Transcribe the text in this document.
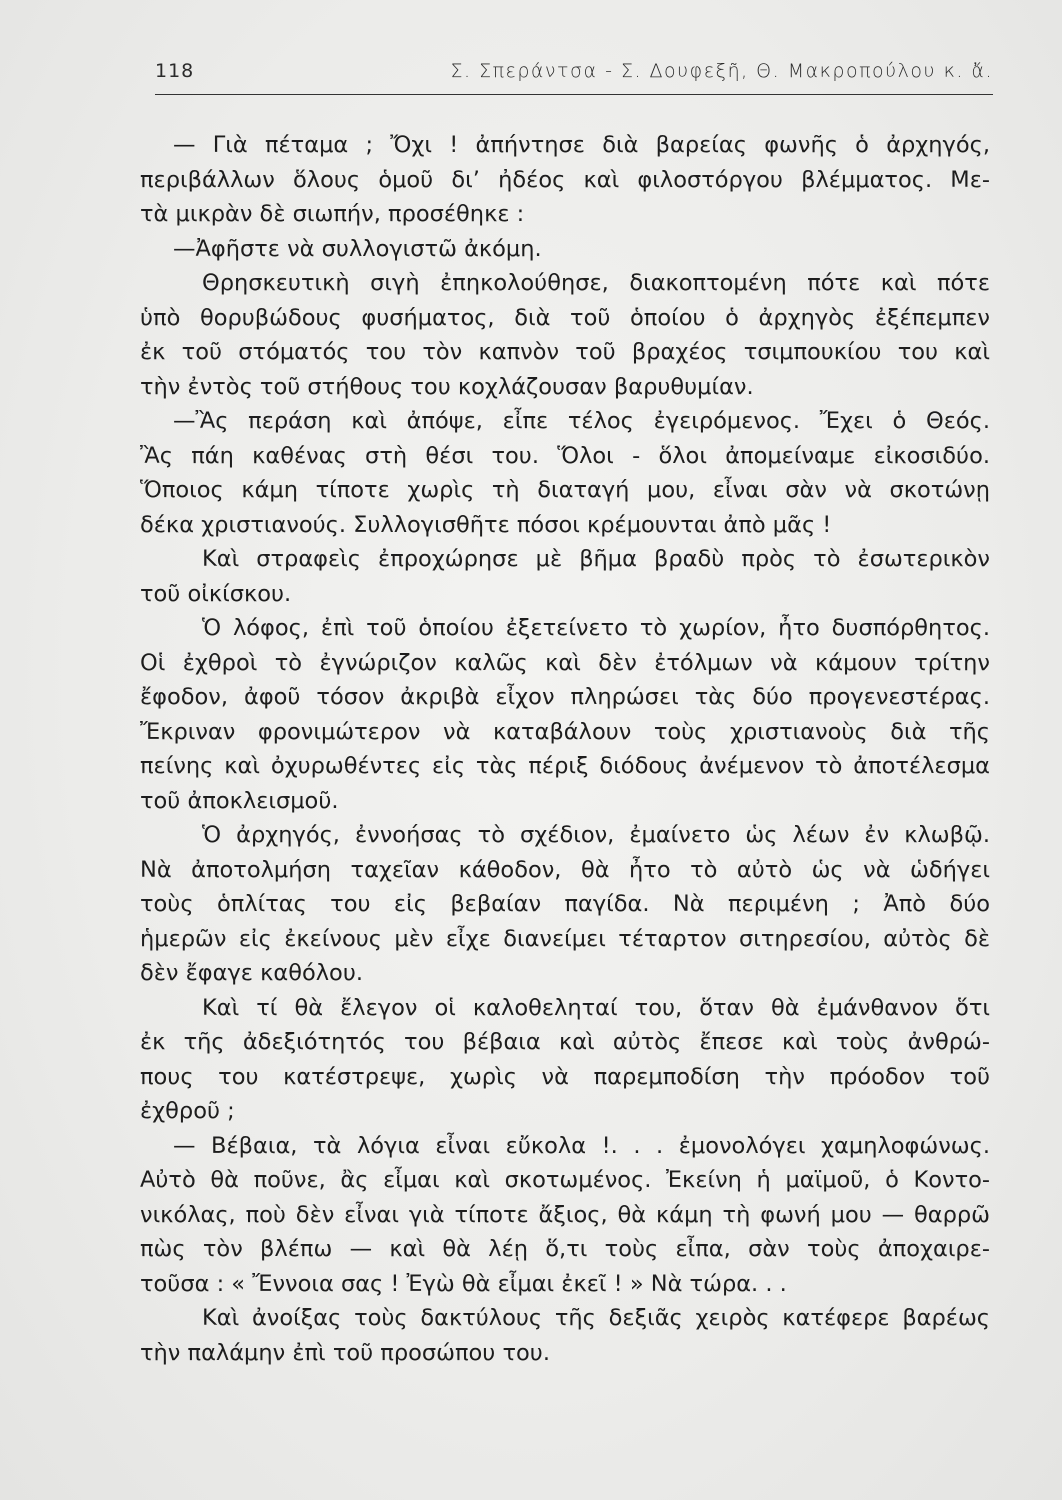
118	Σ. Σπεράντσα - Σ. Δουφεξῆ, Θ. Μακροπούλου κ. ἄ.
— Γιὰ πέταμα ; Ὄχι ! ἀπήντησε διὰ βαρείας φωνῆς ὁ ἀρχηγός,
περιβάλλων ὅλους ὁμοῦ δι’ ἠδέος καὶ φιλοστόργου βλέμματος. Με-
τὰ μικρὰν δὲ σιωπήν, προσέθηκε :
—Ἀφῆστε νὰ συλλογιστῶ ἀκόμη.
Θρησκευτικὴ σιγὴ ἐπηκολούθησε, διακοπτομένη πότε καὶ πότε
ὑπὸ θορυβώδους φυσήματος, διὰ τοῦ ὁποίου ὁ ἀρχηγὸς ἐξέπεμπεν
ἐκ τοῦ στόματός του τὸν καπνὸν τοῦ βραχέος τσιμπουκίου του καὶ
τὴν ἐντὸς τοῦ στήθους του κοχλάζουσαν βαρυθυμίαν.
—Ἂς περάση καὶ ἀπόψε, εἶπε τέλος ἐγειρόμενος. Ἔχει ὁ Θεός.
Ἂς πάη καθένας στὴ θέσι του. Ὅλοι - ὅλοι ἀπομείναμε εἰκοσιδύο.
Ὅποιος κάμη τίποτε χωρὶς τὴ διαταγή μου, εἶναι σὰν νὰ σκοτώνῃ
δέκα χριστιανούς. Συλλογισθῆτε πόσοι κρέμουνται ἀπὸ μᾶς !
Καὶ στραφεὶς ἐπροχώρησε μὲ βῆμα βραδὺ πρὸς τὸ ἐσωτερικὸν
τοῦ οἰκίσκου.
Ὁ λόφος, ἐπὶ τοῦ ὁποίου ἐξετείνετο τὸ χωρίον, ἦτο δυσπόρθητος.
Οἱ ἐχθροὶ τὸ ἐγνώριζον καλῶς καὶ δὲν ἐτόλμων νὰ κάμουν τρίτην
ἔφοδον, ἀφοῦ τόσον ἀκριβὰ εἶχον πληρώσει τὰς δύο προγενεστέρας.
Ἔκριναν φρονιμώτερον νὰ καταβάλουν τοὺς χριστιανοὺς διὰ τῆς
πείνης καὶ ὀχυρωθέντες εἰς τὰς πέριξ διόδους ἀνέμενον τὸ ἀποτέλεσμα
τοῦ ἀποκλεισμοῦ.
Ὁ ἀρχηγός, ἐννοήσας τὸ σχέδιον, ἐμαίνετο ὡς λέων ἐν κλωβῷ.
Νὰ ἀποτολμήση ταχεῖαν κάθοδον, θὰ ἦτο τὸ αὐτὸ ὡς νὰ ὡδήγει
τοὺς ὁπλίτας του εἰς βεβαίαν παγίδα. Νὰ περιμένη ; Ἀπὸ δύο
ἡμερῶν εἰς ἐκείνους μὲν εἶχε διανείμει τέταρτον σιτηρεσίου, αὐτὸς δὲ
δὲν ἔφαγε καθόλου.
Καὶ τί θὰ ἔλεγον οἱ καλοθεληταί του, ὅταν θὰ ἐμάνθανον ὅτι
ἐκ τῆς ἀδεξιότητός του βέβαια καὶ αὐτὸς ἔπεσε καὶ τοὺς ἀνθρώ-
πους του κατέστρεψε, χωρὶς νὰ παρεμποδίση τὴν πρόοδον τοῦ
ἐχθροῦ ;
— Βέβαια, τὰ λόγια εἶναι εὔκολα !. . . ἐμονολόγει χαμηλοφώνως.
Αὐτὸ θὰ ποῦνε, ἂς εἶμαι καὶ σκοτωμένος. Ἐκείνη ἡ μαϊμοῦ, ὁ Κοντο-
νικόλας, ποὺ δὲν εἶναι γιὰ τίποτε ἄξιος, θὰ κάμη τὴ φωνή μου — θαρρῶ
πὼς τὸν βλέπω — καὶ θὰ λέῃ ὅ,τι τοὺς εἶπα, σὰν τοὺς ἀποχαιρε-
τοῦσα : « Ἔννοια σας ! Ἐγὼ θὰ εἶμαι ἐκεῖ ! » Νὰ τώρα. . .
Καὶ ἀνοίξας τοὺς δακτύλους τῆς δεξιᾶς χειρὸς κατέφερε βαρέως
τὴν παλάμην ἐπὶ τοῦ προσώπου του.
